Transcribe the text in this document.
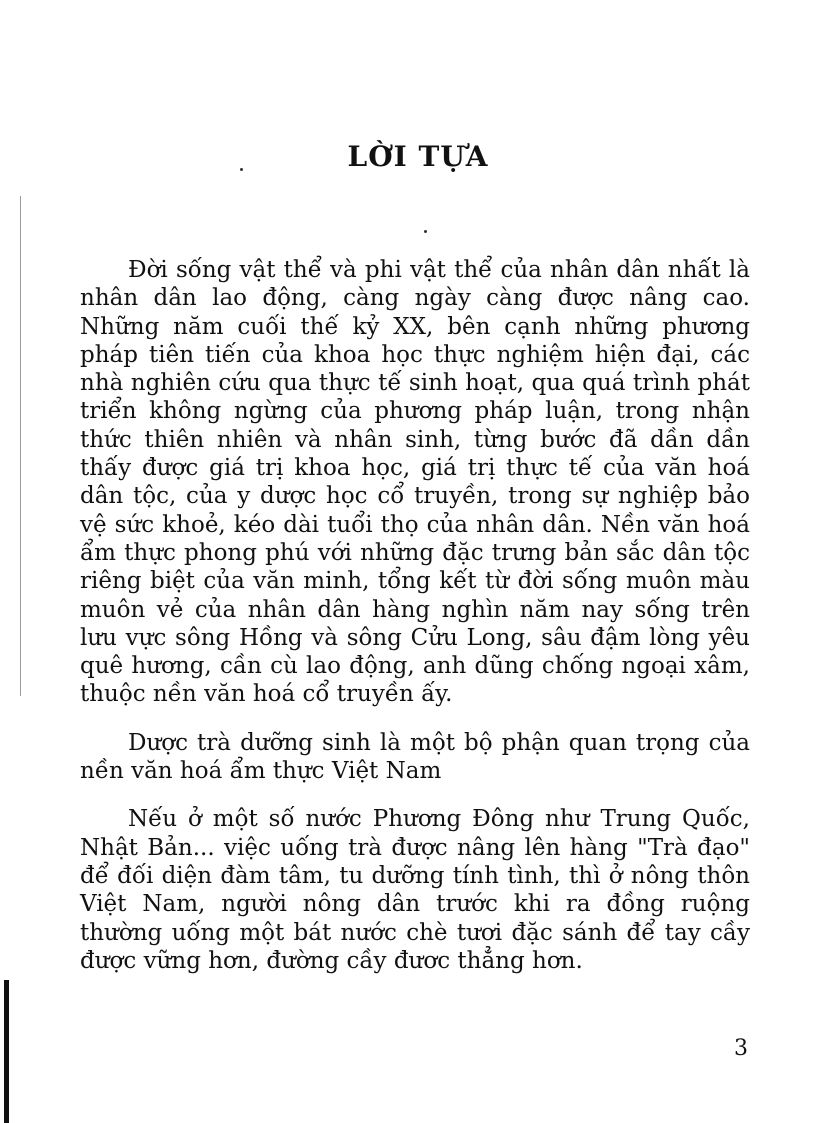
LỜI TỰA

Đời sống vật thể và phi vật thể của nhân dân nhất là nhân dân lao động, càng ngày càng được nâng cao. Những năm cuối thế kỷ XX, bên cạnh những phương pháp tiên tiến của khoa học thực nghiệm hiện đại, các nhà nghiên cứu qua thực tế sinh hoạt, qua quá trình phát triển không ngừng của phương pháp luận, trong nhận thức thiên nhiên và nhân sinh, từng bước đã dần dần thấy được giá trị khoa học, giá trị thực tế của văn hoá dân tộc, của y dược học cổ truyền, trong sự nghiệp bảo vệ sức khoẻ, kéo dài tuổi thọ của nhân dân. Nền văn hoá ẩm thực phong phú với những đặc trưng bản sắc dân tộc riêng biệt của văn minh, tổng kết từ đời sống muôn màu muôn vẻ của nhân dân hàng nghìn năm nay sống trên lưu vực sông Hồng và sông Cửu Long, sâu đậm lòng yêu quê hương, cần cù lao động, anh dũng chống ngoại xâm, thuộc nền văn hoá cổ truyền ấy.

Dược trà dưỡng sinh là một bộ phận quan trọng của nền văn hoá ẩm thực Việt Nam

Nếu ở một số nước Phương Đông như Trung Quốc, Nhật Bản... việc uống trà được nâng lên hàng "Trà đạo" để đối diện đàm tâm, tu dưỡng tính tình, thì ở nông thôn Việt Nam, người nông dân trước khi ra đồng ruộng thường uống một bát nước chè tươi đặc sánh để tay cầy được vững hơn, đường cầy đươc thẳng hơn.

3
